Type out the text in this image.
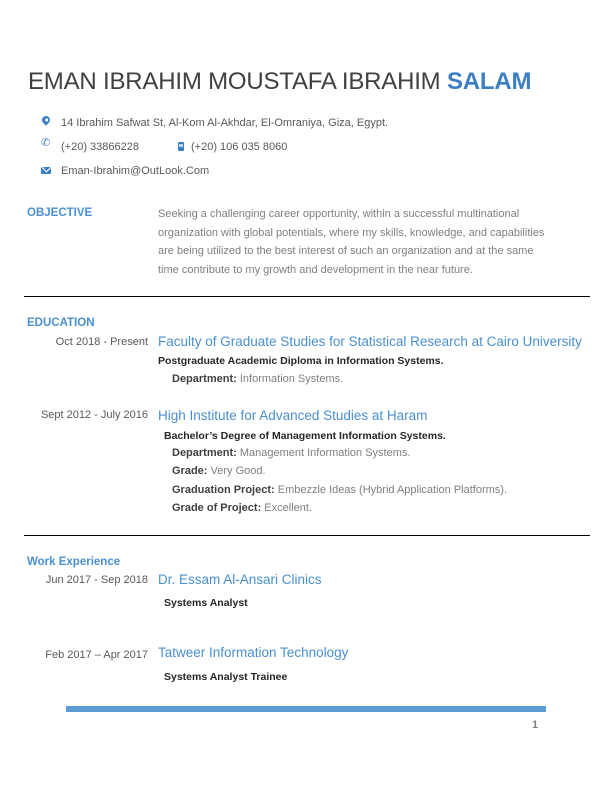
EMAN IBRAHIM MOUSTAFA IBRAHIM SALAM
14 Ibrahim Safwat St, Al-Kom Al-Akhdar, El-Omraniya, Giza, Egypt.
✆ (+20) 33866228	(+20) 106 035 8060
Eman-Ibrahim@OutLook.Com
OBJECTIVE	Seeking a challenging career opportunity, within a successful multinational
organization with global potentials, where my skills, knowledge, and capabilities
are being utilized to the best interest of such an organization and at the same
time contribute to my growth and development in the near future.
EDUCATION
Oct 2018 - Present Faculty of Graduate Studies for Statistical Research at Cairo University
Postgraduate Academic Diploma in Information Systems.
Department: Information Systems.
Sept 2012 - July 2016 High Institute for Advanced Studies at Haram
Bachelor’s Degree of Management Information Systems.
Department: Management Information Systems.
Grade: Very Good.
Graduation Project: Embezzle Ideas (Hybrid Application Platforms).
Grade of Project: Excellent.
Work Experience
Jun 2017 - Sep 2018 Dr. Essam Al-Ansari Clinics
Systems Analyst
Feb 2017 – Apr 2017 Tatweer Information Technology
Systems Analyst Trainee
1
